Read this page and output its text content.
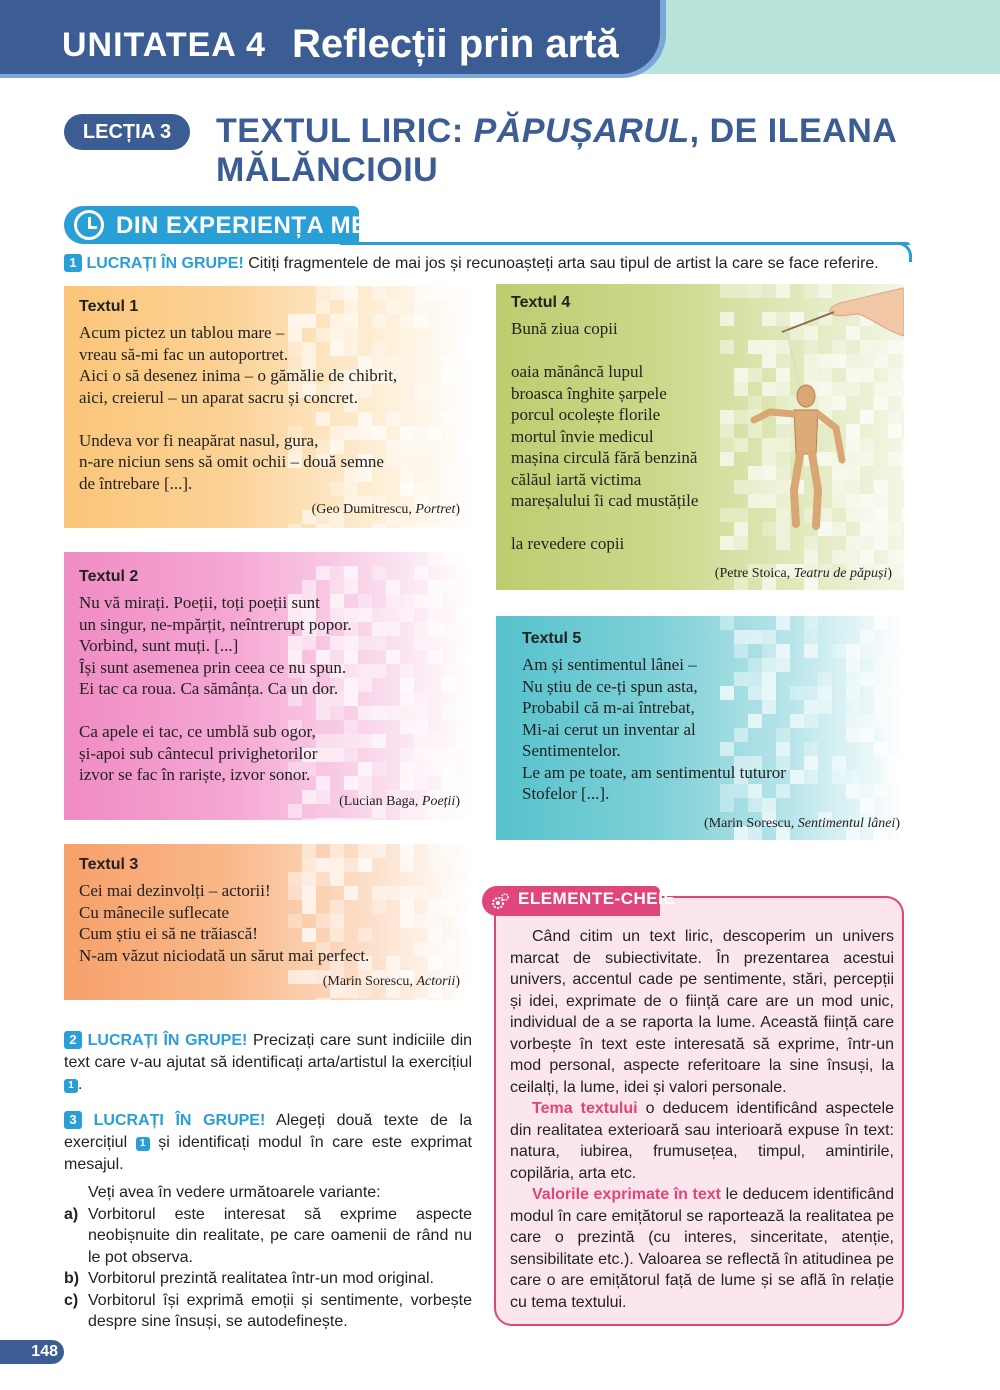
UNITATEA 4 Reflecții prin artă
LECȚIA 3	TEXTUL LIRIC: PĂPUȘARUL, DE ILEANA MĂLĂNCIOIU
DIN EXPERIENȚA MEA
1 LUCRAȚI ÎN GRUPE! Citiți fragmentele de mai jos și recunoașteți arta sau tipul de artist la care se face referire.
Textul 1
Acum pictez un tablou mare –
vreau să-mi fac un autoportret.
Aici o să desenez inima – o gămălie de chibrit,
aici, creierul – un aparat sacru și concret.

Undeva vor fi neapărat nasul, gura,
n-are niciun sens să omit ochii – două semne
de întrebare [...].
(Geo Dumitrescu, Portret)
Textul 2
Nu vă mirați. Poeții, toți poeții sunt
un singur, ne-mpărțit, neîntrerupt popor.
Vorbind, sunt muți. [...]
Își sunt asemenea prin ceea ce nu spun.
Ei tac ca roua. Ca sămânța. Ca un dor.

Ca apele ei tac, ce umblă sub ogor,
și-apoi sub cântecul privighetorilor
izvor se fac în rariște, izvor sonor.
(Lucian Baga, Poeții)
Textul 3
Cei mai dezinvolți – actorii!
Cu mânecile suflecate
Cum știu ei să ne trăiască!
N-am văzut niciodată un sărut mai perfect.
(Marin Sorescu, Actorii)
Textul 4
Bună ziua copii

oaia mănâncă lupul
broasca înghite șarpele
porcul ocolește florile
mortul învie medicul
mașina circulă fără benzină
călăul iartă victima
mareșalului îi cad mustățile

la revedere copii
(Petre Stoica, Teatru de păpuși)
Textul 5
Am și sentimentul lânei –
Nu știu de ce-ți spun asta,
Probabil că m-ai întrebat,
Mi-ai cerut un inventar al
Sentimentelor.
Le am pe toate, am sentimentul tuturor
Stofelor [...].
(Marin Sorescu, Sentimentul lânei)
2 LUCRAȚI ÎN GRUPE! Precizați care sunt indiciile din text care v-au ajutat să identificați arta/artistul la exercițiul 1 .
3 LUCRAȚI ÎN GRUPE! Alegeți două texte de la exercițiul 1 și identificați modul în care este exprimat mesajul.
Veți avea în vedere următoarele variante:
a) Vorbitorul este interesat să exprime aspecte neobișnuite din realitate, pe care oamenii de rând nu le pot observa.
b) Vorbitorul prezintă realitatea într-un mod original.
c) Vorbitorul își exprimă emoții și sentimente, vorbește despre sine însuși, se autodefinește.
ELEMENTE-CHEIE

Când citim un text liric, descoperim un univers marcat de subiectivitate. În prezentarea acestui univers, accentul cade pe sentimente, stări, percepții și idei, exprimate de o ființă care are un mod unic, individual de a se raporta la lume. Această ființă care vorbește în text este interesată să exprime, într-un mod personal, aspecte referitoare la sine însuși, la ceilalți, la lume, idei și valori personale.

Tema textului o deducem identificând aspectele din realitatea exterioară sau interioară expuse în text: natura, iubirea, frumusețea, timpul, amintirile, copilăria, arta etc.

Valorile exprimate în text le deducem identificând modul în care emițătorul se raportează la realitatea pe care o prezintă (cu interes, sinceritate, atenție, sensibilitate etc.). Valoarea se reflectă în atitudinea pe care o are emițătorul față de lume și se află în relație cu tema textului.

148
